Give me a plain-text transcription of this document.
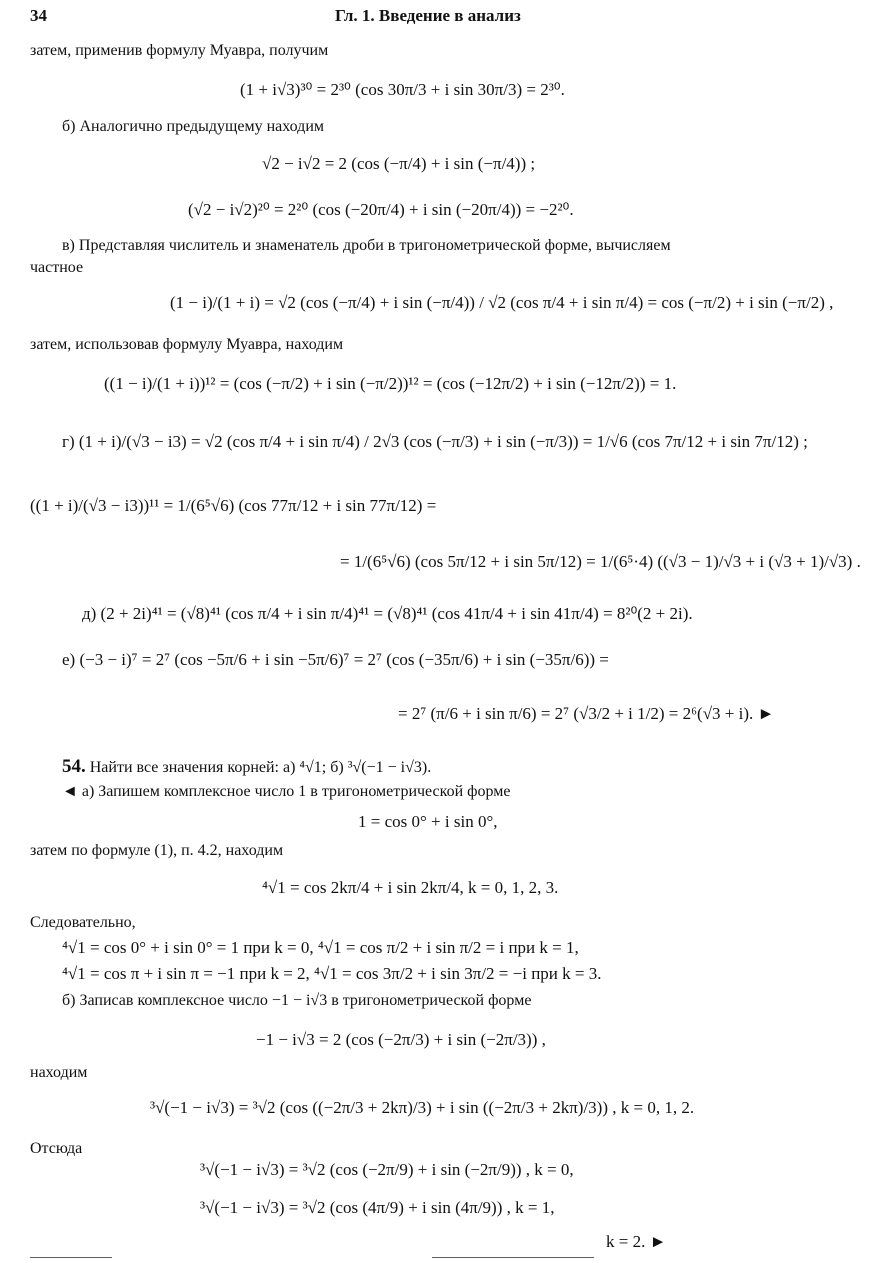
34	Гл. 1. Введение в анализ
затем, применив формулу Муавра, получим
(1 + i√3)³⁰ = 2³⁰ (cos 30π/3 + i sin 30π/3) = 2³⁰.
б) Аналогично предыдущему находим
√2 − i√2 = 2 (cos (−π/4) + i sin (−π/4)) ;
(√2 − i√2)²⁰ = 2²⁰ (cos (−20π/4) + i sin (−20π/4)) = −2²⁰.
в) Представляя числитель и знаменатель дроби в тригонометрической форме, вычисляем
частное
(1 − i)/(1 + i) = √2 (cos (−π/4) + i sin (−π/4)) / √2 (cos π/4 + i sin π/4) = cos (−π/2) + i sin (−π/2) ,
затем, использовав формулу Муавра, находим
((1 − i)/(1 + i))¹² = (cos (−π/2) + i sin (−π/2))¹² = (cos (−12π/2) + i sin (−12π/2)) = 1.
г) (1 + i)/(√3 − i3) = √2 (cos π/4 + i sin π/4) / 2√3 (cos (−π/3) + i sin (−π/3)) = 1/√6 (cos 7π/12 + i sin 7π/12) ;
((1 + i)/(√3 − i3))¹¹ = 1/(6⁵√6) (cos 77π/12 + i sin 77π/12) =
= 1/(6⁵√6) (cos 5π/12 + i sin 5π/12) = 1/(6⁵·4) ((√3 − 1)/√3 + i (√3 + 1)/√3) .
д) (2 + 2i)⁴¹ = (√8)⁴¹ (cos π/4 + i sin π/4)⁴¹ = (√8)⁴¹ (cos 41π/4 + i sin 41π/4) = 8²⁰(2 + 2i).
е) (−3 − i)⁷ = 2⁷ (cos −5π/6 + i sin −5π/6)⁷ = 2⁷ (cos (−35π/6) + i sin (−35π/6)) =
= 2⁷ (π/6 + i sin π/6) = 2⁷ (√3/2 + i 1/2) = 2⁶(√3 + i). ►
54. Найти все значения корней: а) ⁴√1; б) ³√(−1 − i√3).
◄ а) Запишем комплексное число 1 в тригонометрической форме
1 = cos 0° + i sin 0°,
затем по формуле (1), п. 4.2, находим
⁴√1 = cos 2kπ/4 + i sin 2kπ/4, k = 0, 1, 2, 3.
Следовательно,
⁴√1 = cos 0° + i sin 0° = 1 при k = 0, ⁴√1 = cos π/2 + i sin π/2 = i при k = 1,
⁴√1 = cos π + i sin π = −1 при k = 2, ⁴√1 = cos 3π/2 + i sin 3π/2 = −i при k = 3.
б) Записав комплексное число −1 − i√3 в тригонометрической форме
−1 − i√3 = 2 (cos (−2π/3) + i sin (−2π/3)) ,
находим
³√(−1 − i√3) = ³√2 (cos ((−2π/3 + 2kπ)/3) + i sin ((−2π/3 + 2kπ)/3)) , k = 0, 1, 2.
Отсюда
³√(−1 − i√3) = ³√2 (cos (−2π/9) + i sin (−2π/9)) , k = 0,
³√(−1 − i√3) = ³√2 (cos (4π/9) + i sin (4π/9)) , k = 1,
k = 2. ►
